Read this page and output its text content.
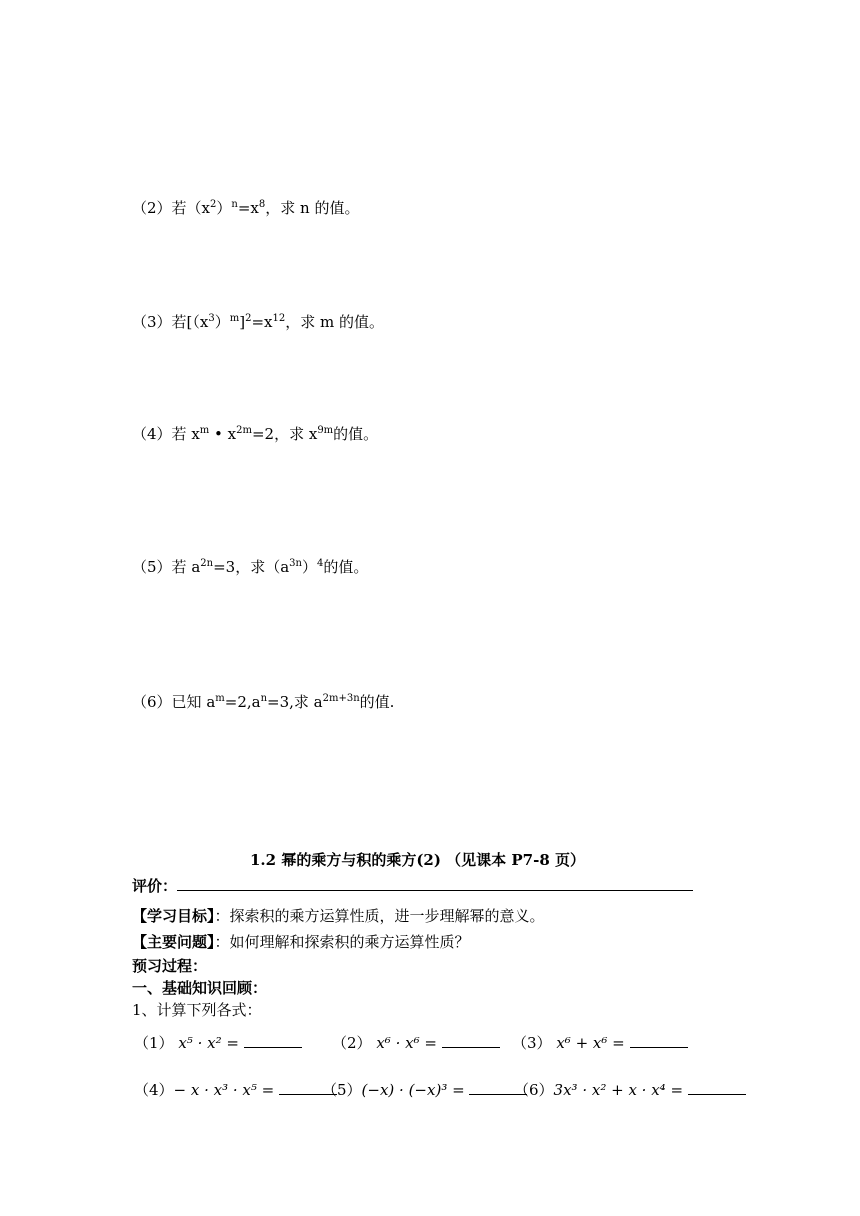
（2）若$(x^2)^n=x^8$，求 n 的值。
（3）若$[(x^3)^m]^2=x^{12}$，求 m 的值。
（4）若 $x^m$ • $x^{2m}=2$，求 $x^{9m}$的值。
（5）若 $a^{2n}=3$，求$(a^{3n})^4$的值。
（6）已知 $a^m=2,a^n=3$,求 $a^{2m+3n}$的值.
1.2 幂的乘方与积的乘方(2) （见课本 P7-8 页）
评价：
【学习目标】：探索积的乘方运算性质，进一步理解幂的意义。
【主要问题】：如何理解和探索积的乘方运算性质？
预习过程：
一、基础知识回顾：
1、计算下列各式：
（1） x⁵ · x² =	（2） x⁶ · x⁶ =	（3） x⁶ + x⁶ =
（4）− x · x³ · x⁵ =	（5）(−x) · (−x)³ =	（6）3x³ · x² + x · x⁴ =
